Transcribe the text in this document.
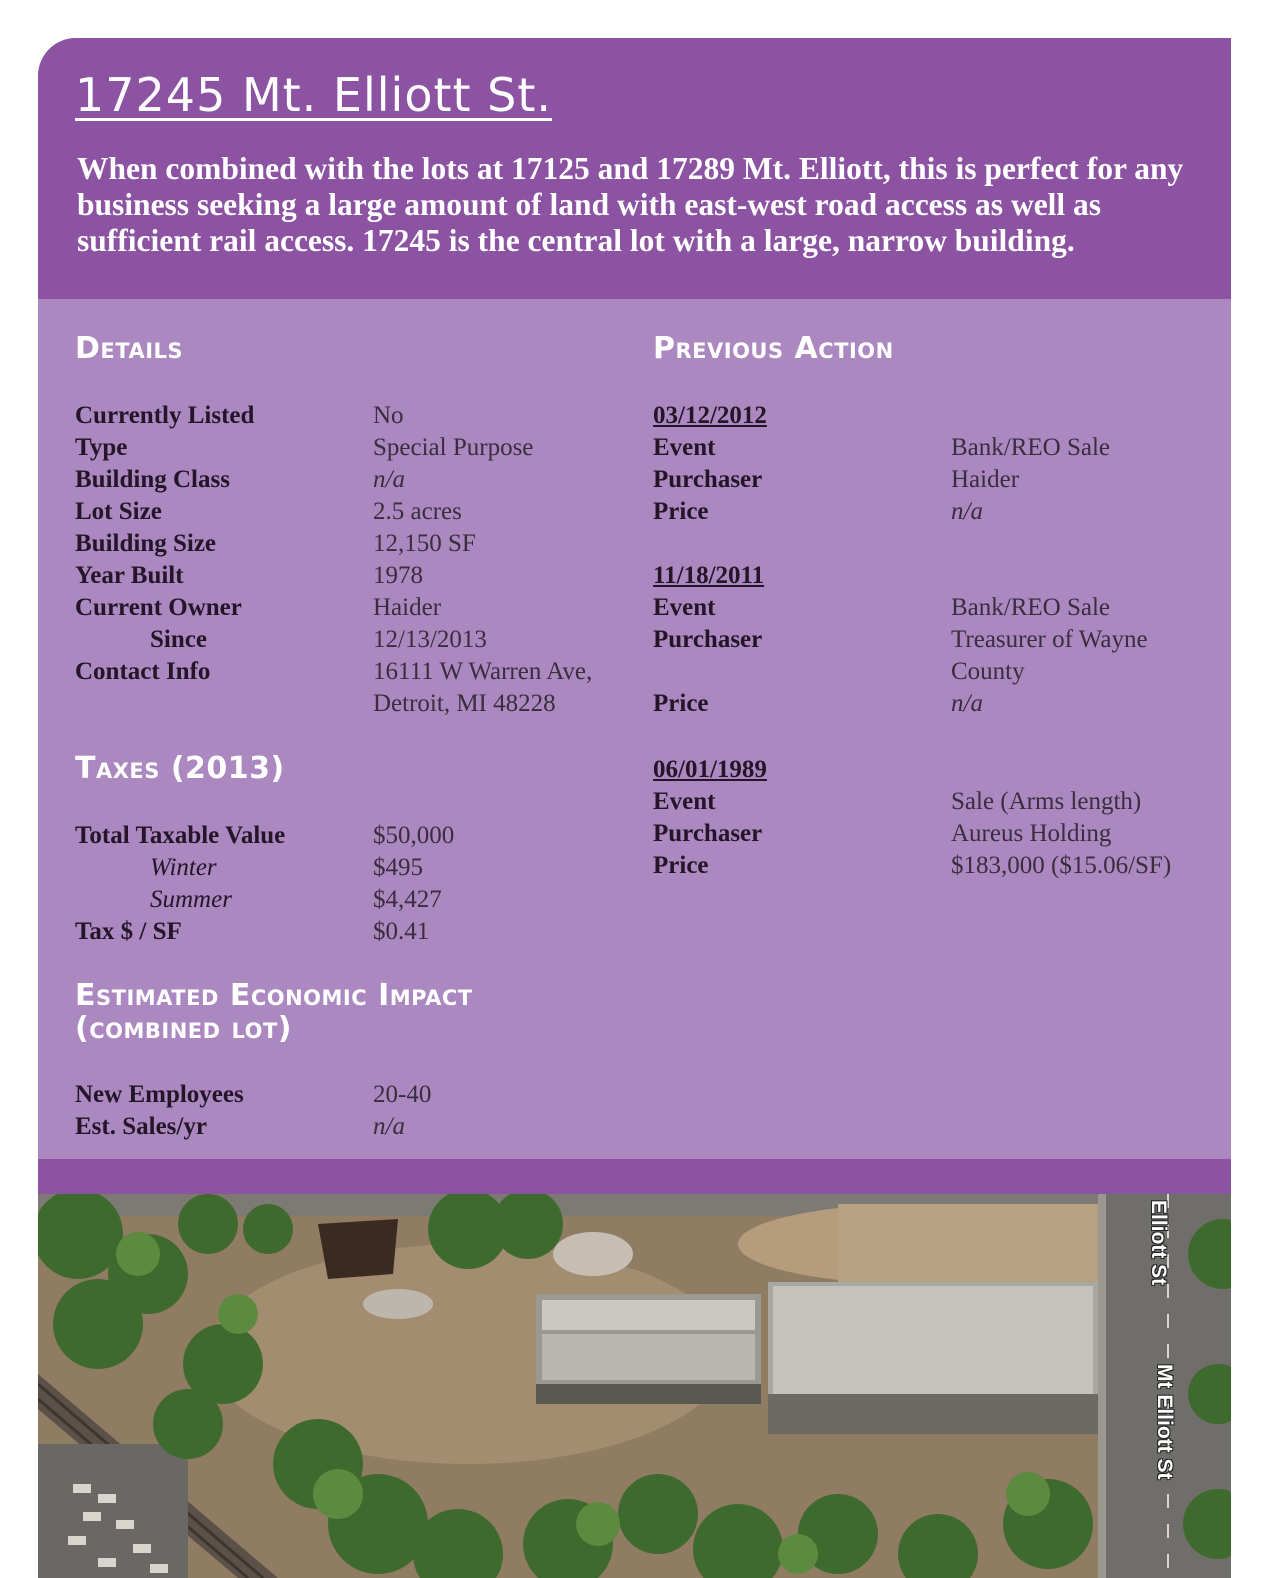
17245 Mt. Elliott St.

When combined with the lots at 17125 and 17289 Mt. Elliott, this is perfect for any business seeking a large amount of land with east-west road access as well as sufficient rail access. 17245 is the central lot with a large, narrow building.

Details
Currently Listed	No
Type	Special Purpose
Building Class	n/a
Lot Size	2.5 acres
Building Size	12,150 SF
Year Built	1978
Current Owner	Haider
Since	12/13/2013
Contact Info	16111 W Warren Ave,
Detroit, MI 48228
Taxes (2013)
Total Taxable Value	$50,000
Winter	$495
Summer	$4,427
Tax $ / SF	$0.41
Estimated Economic Impact
(combined lot)
New Employees	20-40
Est. Sales/yr	n/a
Previous Action
03/12/2012
Event	Bank/REO Sale
Purchaser	Haider
Price	n/a
11/18/2011
Event	Bank/REO Sale
Purchaser	Treasurer of Wayne
County
Price	n/a
06/01/1989
Event	Sale (Arms length)
Purchaser	Aureus Holding
Price	$183,000 ($15.06/SF)
Elliott St
Mt Elliott St
